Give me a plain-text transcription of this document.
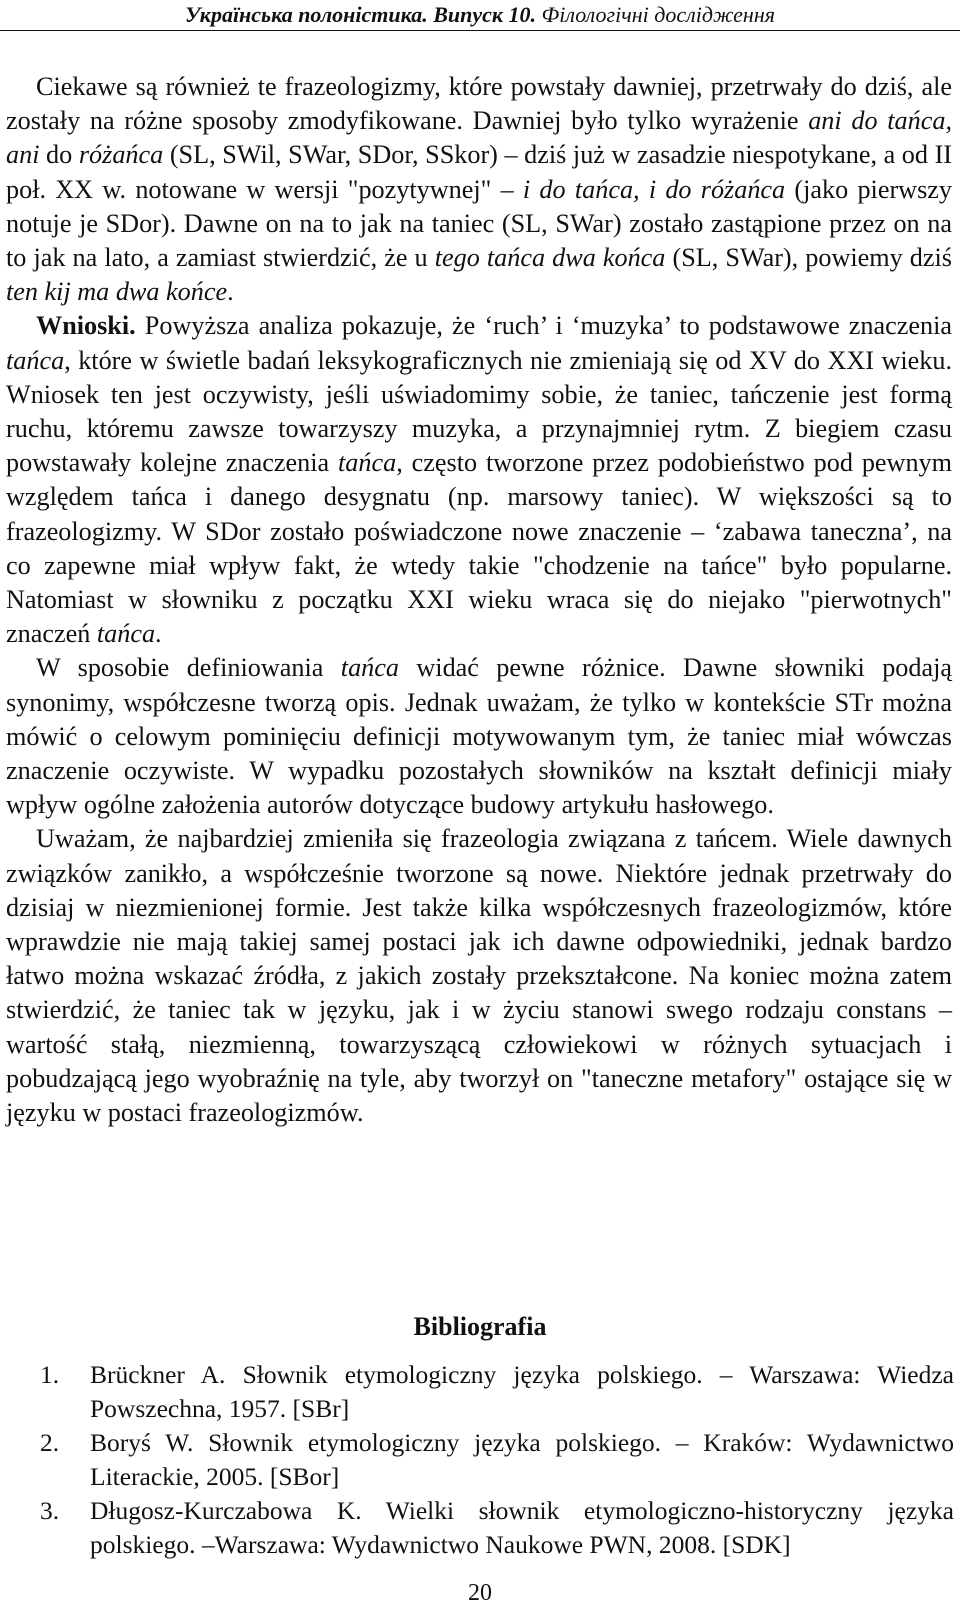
Українська полоністика. Випуск 10. Філологічні дослідження

Ciekawe są również te frazeologizmy, które powstały dawniej, przetrwały do dziś, ale zostały na różne sposoby zmodyfikowane. Dawniej było tylko wyrażenie ani do tańca, ani do różańca (SL, SWil, SWar, SDor, SSkor) – dziś już w zasadzie niespotykane, a od II poł. XX w. notowane w wersji "pozytywnej" – i do tańca, i do różańca (jako pierwszy notuje je SDor). Dawne on na to jak na taniec (SL, SWar) zostało zastąpione przez on na to jak na lato, a zamiast stwierdzić, że u tego tańca dwa końca (SL, SWar), powiemy dziś ten kij ma dwa końce.

Wnioski. Powyższa analiza pokazuje, że ‘ruch’ i ‘muzyka’ to podstawowe znaczenia tańca, które w świetle badań leksykograficznych nie zmieniają się od XV do XXI wieku. Wniosek ten jest oczywisty, jeśli uświadomimy sobie, że taniec, tańczenie jest formą ruchu, któremu zawsze towarzyszy muzyka, a przynajmniej rytm. Z biegiem czasu powstawały kolejne znaczenia tańca, często tworzone przez podobieństwo pod pewnym względem tańca i danego desygnatu (np. marsowy taniec). W większości są to frazeologizmy. W SDor zostało poświadczone nowe znaczenie – ‘zabawa taneczna’, na co zapewne miał wpływ fakt, że wtedy takie "chodzenie na tańce" było popularne. Natomiast w słowniku z początku XXI wieku wraca się do niejako "pierwotnych" znaczeń tańca.

W sposobie definiowania tańca widać pewne różnice. Dawne słowniki podają synonimy, współczesne tworzą opis. Jednak uważam, że tylko w kontekście STr można mówić o celowym pominięciu definicji motywowanym tym, że taniec miał wówczas znaczenie oczywiste. W wypadku pozostałych słowników na kształt definicji miały wpływ ogólne założenia autorów dotyczące budowy artykułu hasłowego.

Uważam, że najbardziej zmieniła się frazeologia związana z tańcem. Wiele dawnych związków zanikło, a współcześnie tworzone są nowe. Niektóre jednak przetrwały do dzisiaj w niezmienionej formie. Jest także kilka współczesnych frazeologizmów, które wprawdzie nie mają takiej samej postaci jak ich dawne odpowiedniki, jednak bardzo łatwo można wskazać źródła, z jakich zostały przekształcone. Na koniec można zatem stwierdzić, że taniec tak w języku, jak i w życiu stanowi swego rodzaju constans – wartość stałą, niezmienną, towarzyszącą człowiekowi w różnych sytuacjach i pobudzającą jego wyobraźnię na tyle, aby tworzył on "taneczne metafory" ostające się w języku w postaci frazeologizmów.

Bibliografia
1. Brückner A. Słownik etymologiczny języka polskiego. – Warszawa: Wiedza Powszechna, 1957. [SBr]
2. Boryś W. Słownik etymologiczny języka polskiego. – Kraków: Wydawnictwo Literackie, 2005. [SBor]
3. Długosz-Kurczabowa K. Wielki słownik etymologiczno-historyczny języka polskiego. –Warszawa: Wydawnictwo Naukowe PWN, 2008. [SDK]
20
